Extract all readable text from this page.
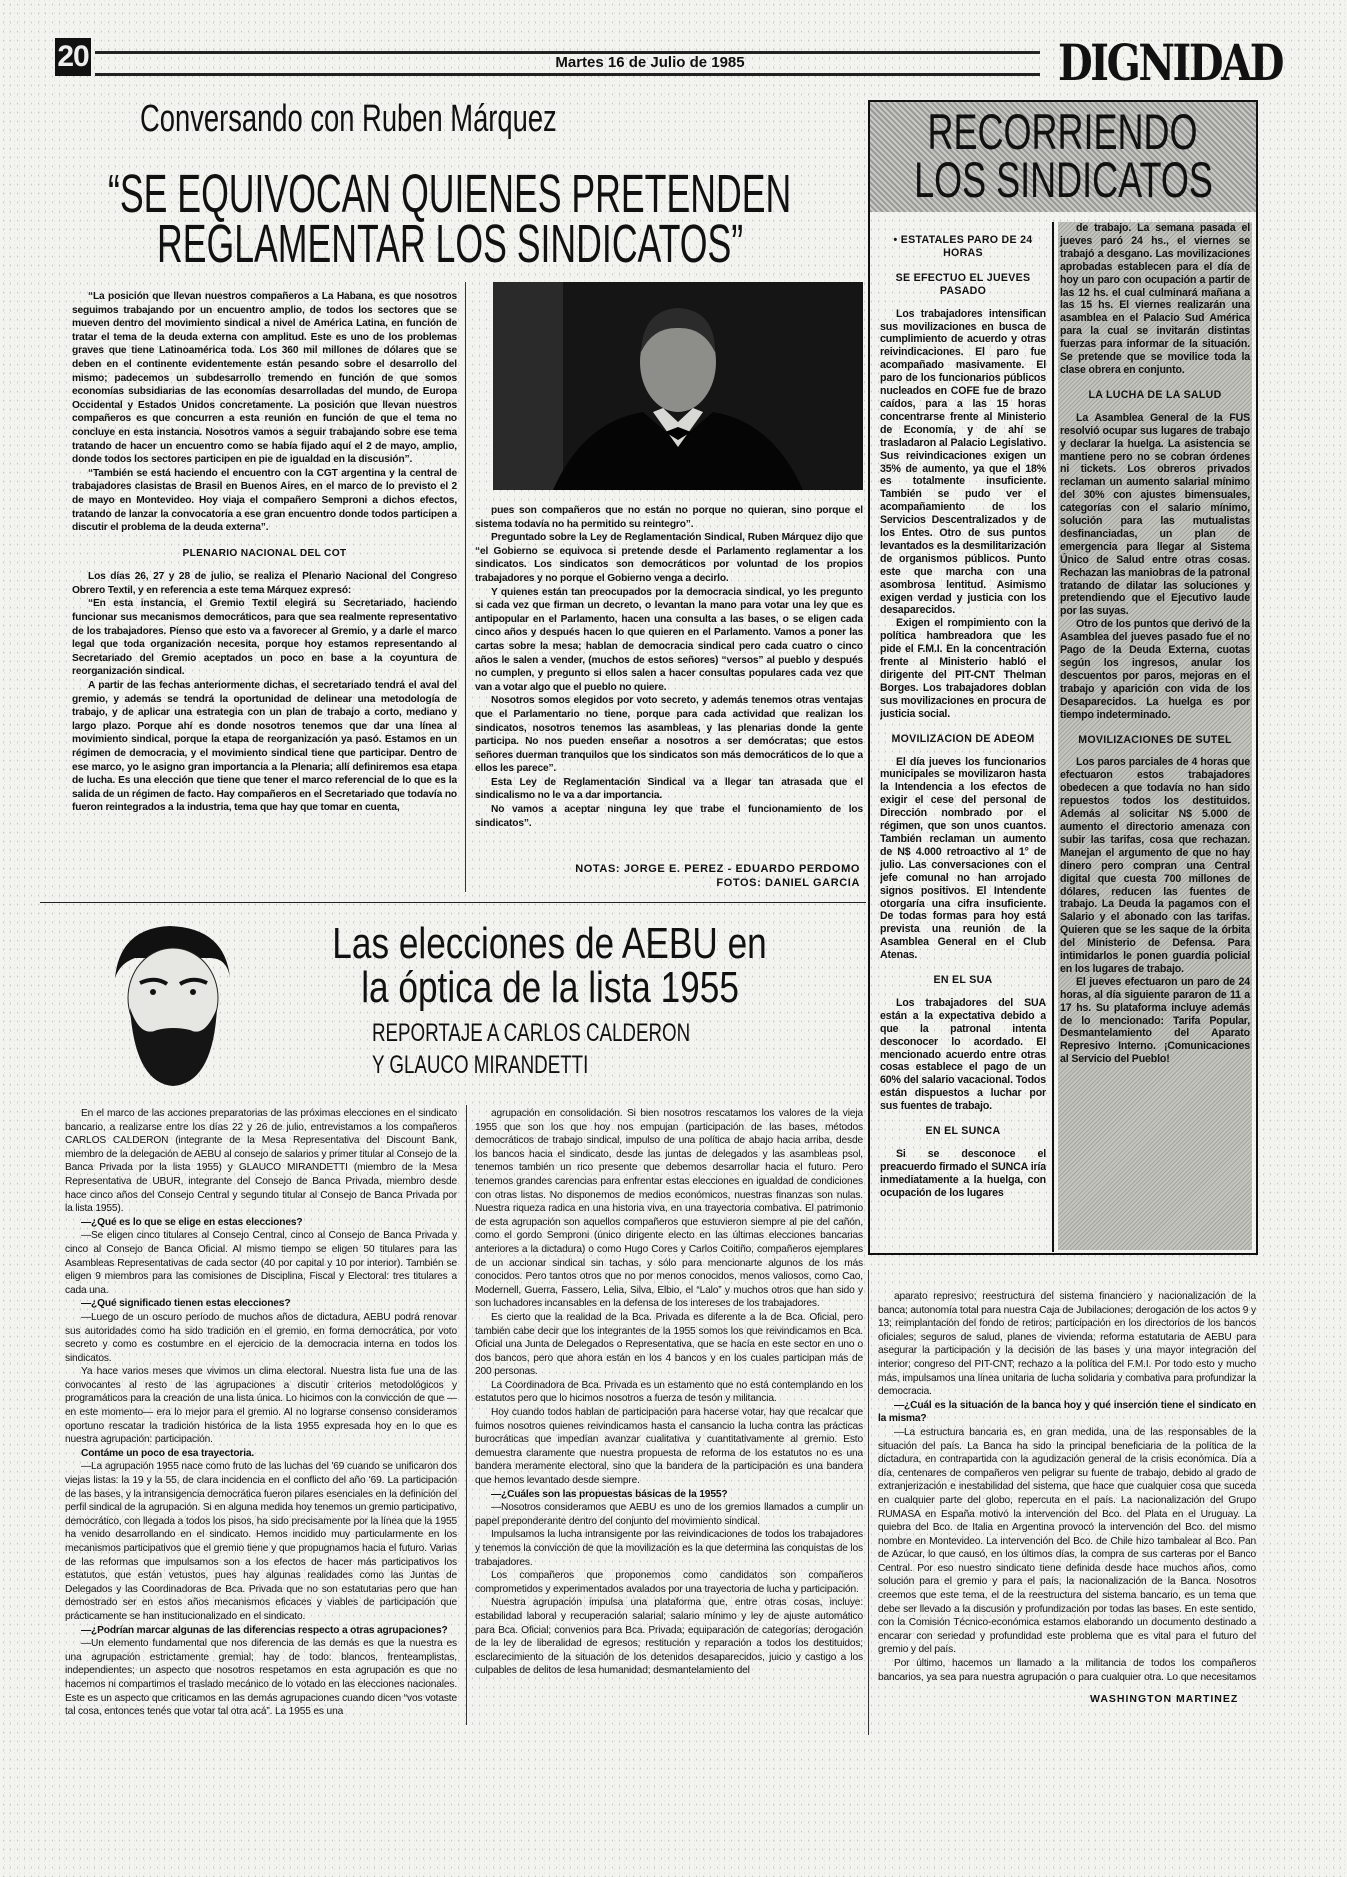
20	Martes 16 de Julio de 1985	DIGNIDAD
Conversando con Ruben Márquez
“SE EQUIVOCAN QUIENES PRETENDEN
REGLAMENTAR LOS SINDICATOS”

“La posición que llevan nuestros compañeros a La Habana, es que nosotros seguimos trabajando por un encuentro amplio, de todos los sectores que se mueven dentro del movimiento sindical a nivel de América Latina, en función de tratar el tema de la deuda externa con amplitud. Este es uno de los problemas graves que tiene Latinoamérica toda. Los 360 mil millones de dólares que se deben en el continente evidentemente están pesando sobre el desarrollo del mismo; padecemos un subdesarrollo tremendo en función de que somos economías subsidiarias de las economías desarrolladas del mundo, de Europa Occidental y Estados Unidos concretamente. La posición que llevan nuestros compañeros es que concurren a esta reunión en función de que el tema no concluye en esta instancia. Nosotros vamos a seguir trabajando sobre ese tema tratando de hacer un encuentro como se había fijado aquí el 2 de mayo, amplio, donde todos los sectores participen en pie de igualdad en la discusión”.

“También se está haciendo el encuentro con la CGT argentina y la central de trabajadores clasistas de Brasil en Buenos Aires, en el marco de lo previsto el 2 de mayo en Montevideo. Hoy viaja el compañero Semproni a dichos efectos, tratando de lanzar la convocatoria a ese gran encuentro donde todos participen a discutir el problema de la deuda externa”.

PLENARIO NACIONAL DEL COT

Los días 26, 27 y 28 de julio, se realiza el Plenario Nacional del Congreso Obrero Textil, y en referencia a este tema Márquez expresó:

“En esta instancia, el Gremio Textil elegirá su Secretariado, haciendo funcionar sus mecanismos democráticos, para que sea realmente representativo de los trabajadores. Pienso que esto va a favorecer al Gremio, y a darle el marco legal que toda organización necesita, porque hoy estamos representando al Secretariado del Gremio aceptados un poco en base a la coyuntura de reorganización sindical.

A partir de las fechas anteriormente dichas, el secretariado tendrá el aval del gremio, y además se tendrá la oportunidad de delinear una metodología de trabajo, y de aplicar una estrategia con un plan de trabajo a corto, mediano y largo plazo. Porque ahí es donde nosotros tenemos que dar una línea al movimiento sindical, porque la etapa de reorganización ya pasó. Estamos en un régimen de democracia, y el movimiento sindical tiene que participar. Dentro de ese marco, yo le asigno gran importancia a la Plenaria; allí definiremos esa etapa de lucha. Es una elección que tiene que tener el marco referencial de lo que es la salida de un régimen de facto. Hay compañeros en el Secretariado que todavía no fueron reintegrados a la industria, tema que hay que tomar en cuenta,

pues son compañeros que no están no porque no quieran, sino porque el sistema todavía no ha permitido su reintegro”.

Preguntado sobre la Ley de Reglamentación Sindical, Ruben Márquez dijo que “el Gobierno se equivoca si pretende desde el Parlamento reglamentar a los sindicatos. Los sindicatos son democráticos por voluntad de los propios trabajadores y no porque el Gobierno venga a decirlo.

Y quienes están tan preocupados por la democracia sindical, yo les pregunto si cada vez que firman un decreto, o levantan la mano para votar una ley que es antipopular en el Parlamento, hacen una consulta a las bases, o se eligen cada cinco años y después hacen lo que quieren en el Parlamento. Vamos a poner las cartas sobre la mesa; hablan de democracia sindical pero cada cuatro o cinco años le salen a vender, (muchos de estos señores) “versos” al pueblo y después no cumplen, y pregunto si ellos salen a hacer consultas populares cada vez que van a votar algo que el pueblo no quiere.

Nosotros somos elegidos por voto secreto, y además tenemos otras ventajas que el Parlamentario no tiene, porque para cada actividad que realizan los sindicatos, nosotros tenemos las asambleas, y las plenarias donde la gente participa. No nos pueden enseñar a nosotros a ser demócratas; que estos señores duerman tranquilos que los sindicatos son más democráticos de lo que a ellos les parece”.

Esta Ley de Reglamentación Sindical va a llegar tan atrasada que el sindicalismo no le va a dar importancia.

No vamos a aceptar ninguna ley que trabe el funcionamiento de los sindicatos”.

NOTAS: JORGE E. PEREZ - EDUARDO PERDOMO
FOTOS: DANIEL GARCIA
RECORRIENDO
LOS SINDICATOS
• ESTATALES PARO DE 24 HORAS
SE EFECTUO EL JUEVES PASADO

Los trabajadores intensifican sus movilizaciones en busca de cumplimiento de acuerdo y otras reivindicaciones. El paro fue acompañado masivamente. El paro de los funcionarios públicos nucleados en COFE fue de brazo caídos, para a las 15 horas concentrarse frente al Ministerio de Economía, y de ahí se trasladaron al Palacio Legislativo. Sus reivindicaciones exigen un 35% de aumento, ya que el 18% es totalmente insuficiente. También se pudo ver el acompañamiento de los Servicios Descentralizados y de los Entes. Otro de sus puntos levantados es la desmilitarización de organismos públicos. Punto este que marcha con una asombrosa lentitud. Asimismo exigen verdad y justicia con los desaparecidos.

Exigen el rompimiento con la política hambreadora que les pide el F.M.I. En la concentración frente al Ministerio habló el dirigente del PIT-CNT Thelman Borges. Los trabajadores doblan sus movilizaciones en procura de justicia social.

MOVILIZACION DE ADEOM

El día jueves los funcionarios municipales se movilizaron hasta la Intendencia a los efectos de exigir el cese del personal de Dirección nombrado por el régimen, que son unos cuantos. También reclaman un aumento de N$ 4.000 retroactivo al 1° de julio. Las conversaciones con el jefe comunal no han arrojado signos positivos. El Intendente otorgaría una cifra insuficiente. De todas formas para hoy está prevista una reunión de la Asamblea General en el Club Atenas.

EN EL SUA

Los trabajadores del SUA están a la expectativa debido a que la patronal intenta desconocer lo acordado. El mencionado acuerdo entre otras cosas establece el pago de un 60% del salario vacacional. Todos están dispuestos a luchar por sus fuentes de trabajo.

EN EL SUNCA

Si se desconoce el preacuerdo firmado el SUNCA iría inmediatamente a la huelga, con ocupación de los lugares

de trabajo. La semana pasada el jueves paró 24 hs., el viernes se trabajó a desgano. Las movilizaciones aprobadas establecen para el día de hoy un paro con ocupación a partir de las 12 hs. el cual culminará mañana a las 15 hs. El viernes realizarán una asamblea en el Palacio Sud América para la cual se invitarán distintas fuerzas para informar de la situación. Se pretende que se movilice toda la clase obrera en conjunto.

LA LUCHA DE LA SALUD

La Asamblea General de la FUS resolvió ocupar sus lugares de trabajo y declarar la huelga. La asistencia se mantiene pero no se cobran órdenes ni tickets. Los obreros privados reclaman un aumento salarial mínimo del 30% con ajustes bimensuales, categorías con el salario mínimo, solución para las mutualistas desfinanciadas, un plan de emergencia para llegar al Sistema Único de Salud entre otras cosas. Rechazan las maniobras de la patronal tratando de dilatar las soluciones y pretendiendo que el Ejecutivo laude por las suyas.

Otro de los puntos que derivó de la Asamblea del jueves pasado fue el no Pago de la Deuda Externa, cuotas según los ingresos, anular los descuentos por paros, mejoras en el trabajo y aparición con vida de los Desaparecidos. La huelga es por tiempo indeterminado.

MOVILIZACIONES DE SUTEL

Los paros parciales de 4 horas que efectuaron estos trabajadores obedecen a que todavía no han sido repuestos todos los destituidos. Además al solicitar N$ 5.000 de aumento el directorio amenaza con subir las tarifas, cosa que rechazan. Manejan el argumento de que no hay dinero pero compran una Central digital que cuesta 700 millones de dólares, reducen las fuentes de trabajo. La Deuda la pagamos con el Salario y el abonado con las tarifas. Quieren que se les saque de la órbita del Ministerio de Defensa. Para intimidarlos le ponen guardia policial en los lugares de trabajo.

El jueves efectuaron un paro de 24 horas, al día siguiente pararon de 11 a 17 hs. Su plataforma incluye además de lo mencionado: Tarifa Popular, Desmantelamiento del Aparato Represivo Interno. ¡Comunicaciones al Servicio del Pueblo!

Las elecciones de AEBU en
la óptica de la lista 1955
REPORTAJE A CARLOS CALDERON
Y GLAUCO MIRANDETTI

En el marco de las acciones preparatorias de las próximas elecciones en el sindicato bancario, a realizarse entre los días 22 y 26 de julio, entrevistamos a los compañeros CARLOS CALDERON (integrante de la Mesa Representativa del Discount Bank, miembro de la delegación de AEBU al consejo de salarios y primer titular al Consejo de la Banca Privada por la lista 1955) y GLAUCO MIRANDETTI (miembro de la Mesa Representativa de UBUR, integrante del Consejo de Banca Privada, miembro desde hace cinco años del Consejo Central y segundo titular al Consejo de Banca Privada por la lista 1955).

—¿Qué es lo que se elige en estas elecciones?

—Se eligen cinco titulares al Consejo Central, cinco al Consejo de Banca Privada y cinco al Consejo de Banca Oficial. Al mismo tiempo se eligen 50 titulares para las Asambleas Representativas de cada sector (40 por capital y 10 por interior). También se eligen 9 miembros para las comisiones de Disciplina, Fiscal y Electoral: tres titulares a cada una.

—¿Qué significado tienen estas elecciones?

—Luego de un oscuro período de muchos años de dictadura, AEBU podrá renovar sus autoridades como ha sido tradición en el gremio, en forma democrática, por voto secreto y como es costumbre en el ejercicio de la democracia interna en todos los sindicatos.

Ya hace varios meses que vivimos un clima electoral. Nuestra lista fue una de las convocantes al resto de las agrupaciones a discutir criterios metodológicos y programáticos para la creación de una lista única. Lo hicimos con la convicción de que —en este momento— era lo mejor para el gremio. Al no lograrse consenso consideramos oportuno rescatar la tradición histórica de la lista 1955 expresada hoy en lo que es nuestra agrupación: participación.

Contáme un poco de esa trayectoria.

—La agrupación 1955 nace como fruto de las luchas del '69 cuando se unificaron dos viejas listas: la 19 y la 55, de clara incidencia en el conflicto del año '69. La participación de las bases, y la intransigencia democrática fueron pilares esenciales en la definición del perfil sindical de la agrupación. Si en alguna medida hoy tenemos un gremio participativo, democrático, con llegada a todos los pisos, ha sido precisamente por la línea que la 1955 ha venido desarrollando en el sindicato. Hemos incidido muy particularmente en los mecanismos participativos que el gremio tiene y que propugnamos hacia el futuro. Varias de las reformas que impulsamos son a los efectos de hacer más participativos los estatutos, que están vetustos, pues hay algunas realidades como las Juntas de Delegados y las Coordinadoras de Bca. Privada que no son estatutarias pero que han demostrado ser en estos años mecanismos eficaces y viables de participación que prácticamente se han institucionalizado en el sindicato.

—¿Podrían marcar algunas de las diferencias respecto a otras agrupaciones?

—Un elemento fundamental que nos diferencia de las demás es que la nuestra es una agrupación estrictamente gremial; hay de todo: blancos, frenteamplistas, independientes; un aspecto que nosotros respetamos en esta agrupación es que no hacemos ni compartimos el traslado mecánico de lo votado en las elecciones nacionales. Este es un aspecto que criticamos en las demás agrupaciones cuando dicen “vos votaste tal cosa, entonces tenés que votar tal otra acá”. La 1955 es una

agrupación en consolidación. Si bien nosotros rescatamos los valores de la vieja 1955 que son los que hoy nos empujan (participación de las bases, métodos democráticos de trabajo sindical, impulso de una política de abajo hacia arriba, desde los bancos hacia el sindicato, desde las juntas de delegados y las asambleas psol, tenemos también un rico presente que debemos desarrollar hacia el futuro. Pero tenemos grandes carencias para enfrentar estas elecciones en igualdad de condiciones con otras listas. No disponemos de medios económicos, nuestras finanzas son nulas. Nuestra riqueza radica en una historia viva, en una trayectoria combativa. El patrimonio de esta agrupación son aquellos compañeros que estuvieron siempre al pie del cañón, como el gordo Semproni (único dirigente electo en las últimas elecciones bancarias anteriores a la dictadura) o como Hugo Cores y Carlos Coitiño, compañeros ejemplares de un accionar sindical sin tachas, y sólo para mencionarte algunos de los más conocidos. Pero tantos otros que no por menos conocidos, menos valiosos, como Cao, Modernell, Guerra, Fassero, Lelia, Silva, Elbio, el “Lalo” y muchos otros que han sido y son luchadores incansables en la defensa de los intereses de los trabajadores.

Es cierto que la realidad de la Bca. Privada es diferente a la de Bca. Oficial, pero también cabe decir que los integrantes de la 1955 somos los que reivindicamos en Bca. Oficial una Junta de Delegados o Representativa, que se hacía en este sector en uno o dos bancos, pero que ahora están en los 4 bancos y en los cuales participan más de 200 personas.

La Coordinadora de Bca. Privada es un estamento que no está contemplando en los estatutos pero que lo hicimos nosotros a fuerza de tesón y militancia.

Hoy cuando todos hablan de participación para hacerse votar, hay que recalcar que fuimos nosotros quienes reivindicamos hasta el cansancio la lucha contra las prácticas burocráticas que impedían avanzar cualitativa y cuantitativamente al gremio. Esto demuestra claramente que nuestra propuesta de reforma de los estatutos no es una bandera meramente electoral, sino que la bandera de la participación es una bandera que hemos levantado desde siempre.

—¿Cuáles son las propuestas básicas de la 1955?

—Nosotros consideramos que AEBU es uno de los gremios llamados a cumplir un papel preponderante dentro del conjunto del movimiento sindical.

Impulsamos la lucha intransigente por las reivindicaciones de todos los trabajadores y tenemos la convicción de que la movilización es la que determina las conquistas de los trabajadores.

Los compañeros que proponemos como candidatos son compañeros comprometidos y experimentados avalados por una trayectoria de lucha y participación.

Nuestra agrupación impulsa una plataforma que, entre otras cosas, incluye: estabilidad laboral y recuperación salarial; salario mínimo y ley de ajuste automático para Bca. Oficial; convenios para Bca. Privada; equiparación de categorías; derogación de la ley de liberalidad de egresos; restitución y reparación a todos los destituidos; esclarecimiento de la situación de los detenidos desaparecidos, juicio y castigo a los culpables de delitos de lesa humanidad; desmantelamiento del

aparato represivo; reestructura del sistema financiero y nacionalización de la banca; autonomía total para nuestra Caja de Jubilaciones; derogación de los actos 9 y 13; reimplantación del fondo de retiros; participación en los directorios de los bancos oficiales; seguros de salud, planes de vivienda; reforma estatutaria de AEBU para asegurar la participación y la decisión de las bases y una mayor integración del interior; congreso del PIT-CNT; rechazo a la política del F.M.I. Por todo esto y mucho más, impulsamos una línea unitaria de lucha solidaria y combativa para profundizar la democracia.

—¿Cuál es la situación de la banca hoy y qué inserción tiene el sindicato en la misma?

—La estructura bancaria es, en gran medida, una de las responsables de la situación del país. La Banca ha sido la principal beneficiaria de la política de la dictadura, en contrapartida con la agudización general de la crisis económica. Día a día, centenares de compañeros ven peligrar su fuente de trabajo, debido al grado de extranjerización e inestabilidad del sistema, que hace que cualquier cosa que suceda en cualquier parte del globo, repercuta en el país. La nacionalización del Grupo RUMASA en España motivó la intervención del Bco. del Plata en el Uruguay. La quiebra del Bco. de Italia en Argentina provocó la intervención del Bco. del mismo nombre en Montevideo. La intervención del Bco. de Chile hizo tambalear al Bco. Pan de Azúcar, lo que causó, en los últimos días, la compra de sus carteras por el Banco Central. Por eso nuestro sindicato tiene definida desde hace muchos años, como solución para el gremio y para el país, la nacionalización de la Banca. Nosotros creemos que este tema, el de la reestructura del sistema bancario, es un tema que debe ser llevado a la discusión y profundización por todas las bases. En este sentido, con la Comisión Técnico-económica estamos elaborando un documento destinado a encarar con seriedad y profundidad este problema que es vital para el futuro del gremio y del país.

Por último, hacemos un llamado a la militancia de todos los compañeros bancarios, ya sea para nuestra agrupación o para cualquier otra. Lo que necesitamos

WASHINGTON MARTINEZ
